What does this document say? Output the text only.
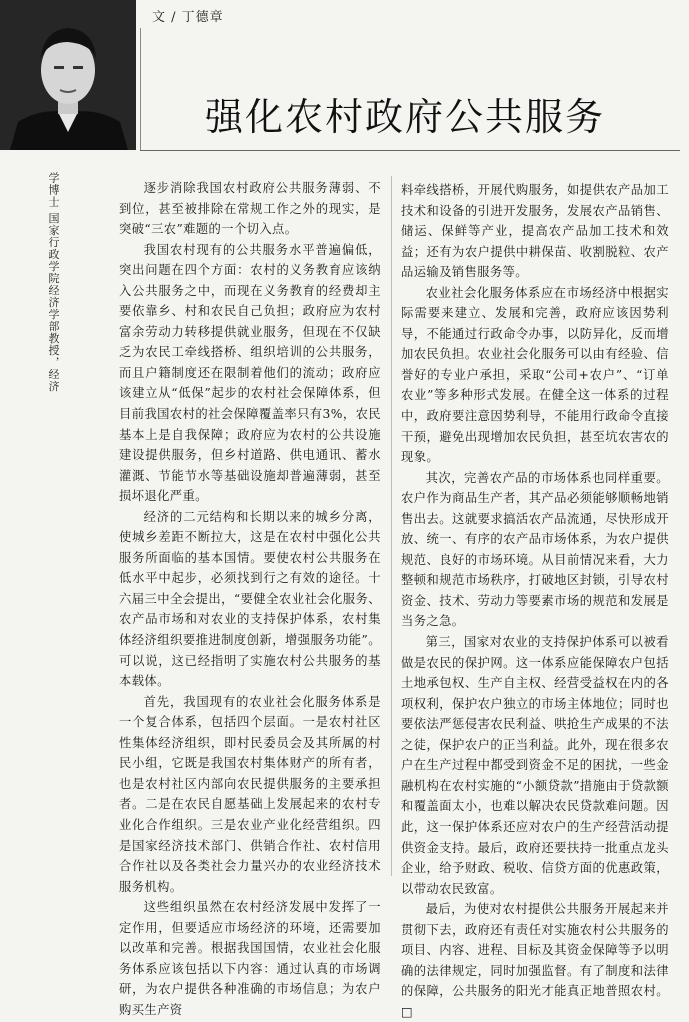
文 / 丁德章
强化农村政府公共服务
学博士 国家行政学院经济学部教授，经济	逐步消除我国农村政府公共服务薄弱、不到位，甚至被排除在常规工作之外的现实，是突破“三农”难题的一个切入点。

我国农村现有的公共服务水平普遍偏低，突出问题在四个方面：农村的义务教育应该纳入公共服务之中，而现在义务教育的经费却主要依靠乡、村和农民自己负担；政府应为农村富余劳动力转移提供就业服务，但现在不仅缺乏为农民工牵线搭桥、组织培训的公共服务，而且户籍制度还在限制着他们的流动；政府应该建立从“低保”起步的农村社会保障体系，但目前我国农村的社会保障覆盖率只有3%，农民基本上是自我保障；政府应为农村的公共设施建设提供服务，但乡村道路、供电通讯、蓄水灌溉、节能节水等基础设施却普遍薄弱，甚至损坏退化严重。

经济的二元结构和长期以来的城乡分离，使城乡差距不断拉大，这是在农村中强化公共服务所面临的基本国情。要使农村公共服务在低水平中起步，必须找到行之有效的途径。十六届三中全会提出，“要健全农业社会化服务、农产品市场和对农业的支持保护体系，农村集体经济组织要推进制度创新，增强服务功能”。可以说，这已经指明了实施农村公共服务的基本载体。

首先，我国现有的农业社会化服务体系是一个复合体系，包括四个层面。一是农村社区性集体经济组织，即村民委员会及其所属的村民小组，它既是我国农村集体财产的所有者，也是农村社区内部向农民提供服务的主要承担者。二是在农民自愿基础上发展起来的农村专业化合作组织。三是农业产业化经营组织。四是国家经济技术部门、供销合作社、农村信用合作社以及各类社会力量兴办的农业经济技术服务机构。

这些组织虽然在农村经济发展中发挥了一定作用，但要适应市场经济的环境，还需要加以改革和完善。根据我国国情，农业社会化服务体系应该包括以下内容：通过认真的市场调研，为农户提供各种准确的市场信息；为农户购买生产资

料牵线搭桥，开展代购服务，如提供农产品加工技术和设备的引进开发服务，发展农产品销售、储运、保鲜等产业，提高农产品加工技术和效益；还有为农户提供中耕保苗、收割脱粒、农产品运输及销售服务等。

农业社会化服务体系应在市场经济中根据实际需要来建立、发展和完善，政府应该因势利导，不能通过行政命令办事，以防异化，反而增加农民负担。农业社会化服务可以由有经验、信誉好的专业户承担，采取“公司+农户”、“订单农业”等多种形式发展。在健全这一体系的过程中，政府要注意因势利导，不能用行政命令直接干预，避免出现增加农民负担，甚至坑农害农的现象。

其次，完善农产品的市场体系也同样重要。农户作为商品生产者，其产品必须能够顺畅地销售出去。这就要求搞活农产品流通，尽快形成开放、统一、有序的农产品市场体系，为农户提供规范、良好的市场环境。从目前情况来看，大力整顿和规范市场秩序，打破地区封锁，引导农村资金、技术、劳动力等要素市场的规范和发展是当务之急。

第三，国家对农业的支持保护体系可以被看做是农民的保护网。这一体系应能保障农户包括土地承包权、生产自主权、经营受益权在内的各项权利，保护农户独立的市场主体地位；同时也要依法严惩侵害农民利益、哄抢生产成果的不法之徒，保护农户的正当利益。此外，现在很多农户在生产过程中都受到资金不足的困扰，一些金融机构在农村实施的“小额贷款”措施由于贷款额和覆盖面太小，也难以解决农民贷款难问题。因此，这一保护体系还应对农户的生产经营活动提供资金支持。最后，政府还要扶持一批重点龙头企业，给予财政、税收、信贷方面的优惠政策，以带动农民致富。

最后，为使对农村提供公共服务开展起来并贯彻下去，政府还有责任对实施农村公共服务的项目、内容、进程、目标及其资金保障等予以明确的法律规定，同时加强监督。有了制度和法律的保障，公共服务的阳光才能真正地普照农村。□
